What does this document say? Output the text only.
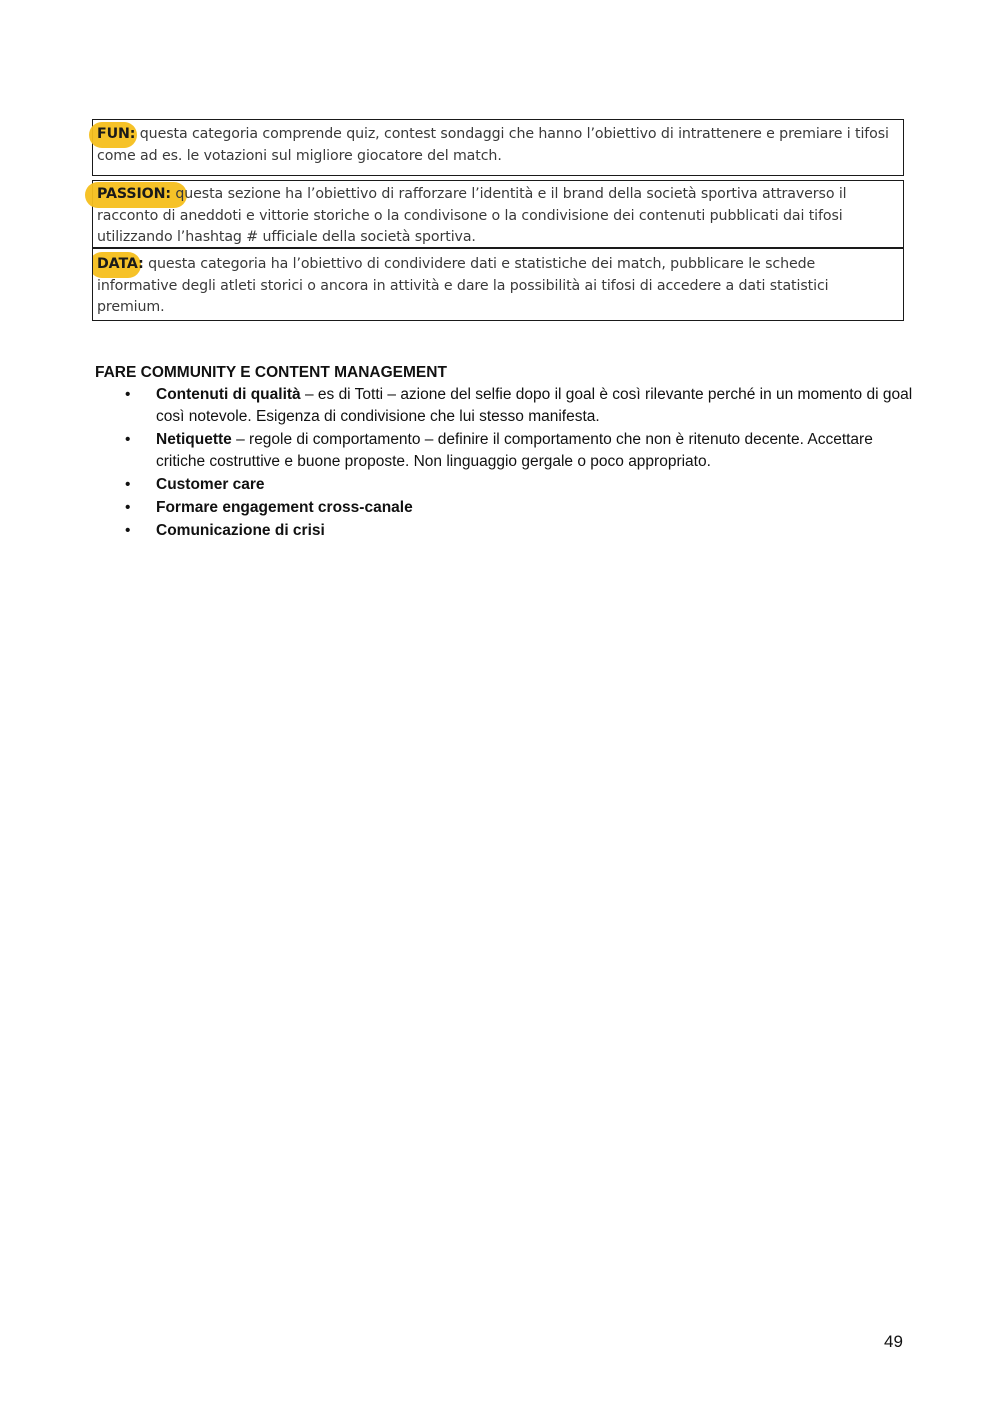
FUN: questa categoria comprende quiz, contest sondaggi che hanno l’obiettivo di intrattenere e premiare i tifosi come ad es. le votazioni sul migliore giocatore del match.
PASSION: questa sezione ha l’obiettivo di rafforzare l’identità e il brand della società sportiva attraverso il racconto di aneddoti e vittorie storiche o la condivisone o la condivisione dei contenuti pubblicati dai tifosi utilizzando l’hashtag # ufficiale della società sportiva.
DATA: questa categoria ha l’obiettivo di condividere dati e statistiche dei match, pubblicare le schede informative degli atleti storici o ancora in attività e dare la possibilità ai tifosi di accedere a dati statistici premium.
FARE COMMUNITY E CONTENT MANAGEMENT
• Contenuti di qualità – es di Totti – azione del selfie dopo il goal è così rilevante perché in un momento di goal così notevole. Esigenza di condivisione che lui stesso manifesta.
• Netiquette – regole di comportamento – definire il comportamento che non è ritenuto decente. Accettare critiche costruttive e buone proposte. Non linguaggio gergale o poco appropriato.
• Customer care
• Formare engagement cross-canale
• Comunicazione di crisi
49
